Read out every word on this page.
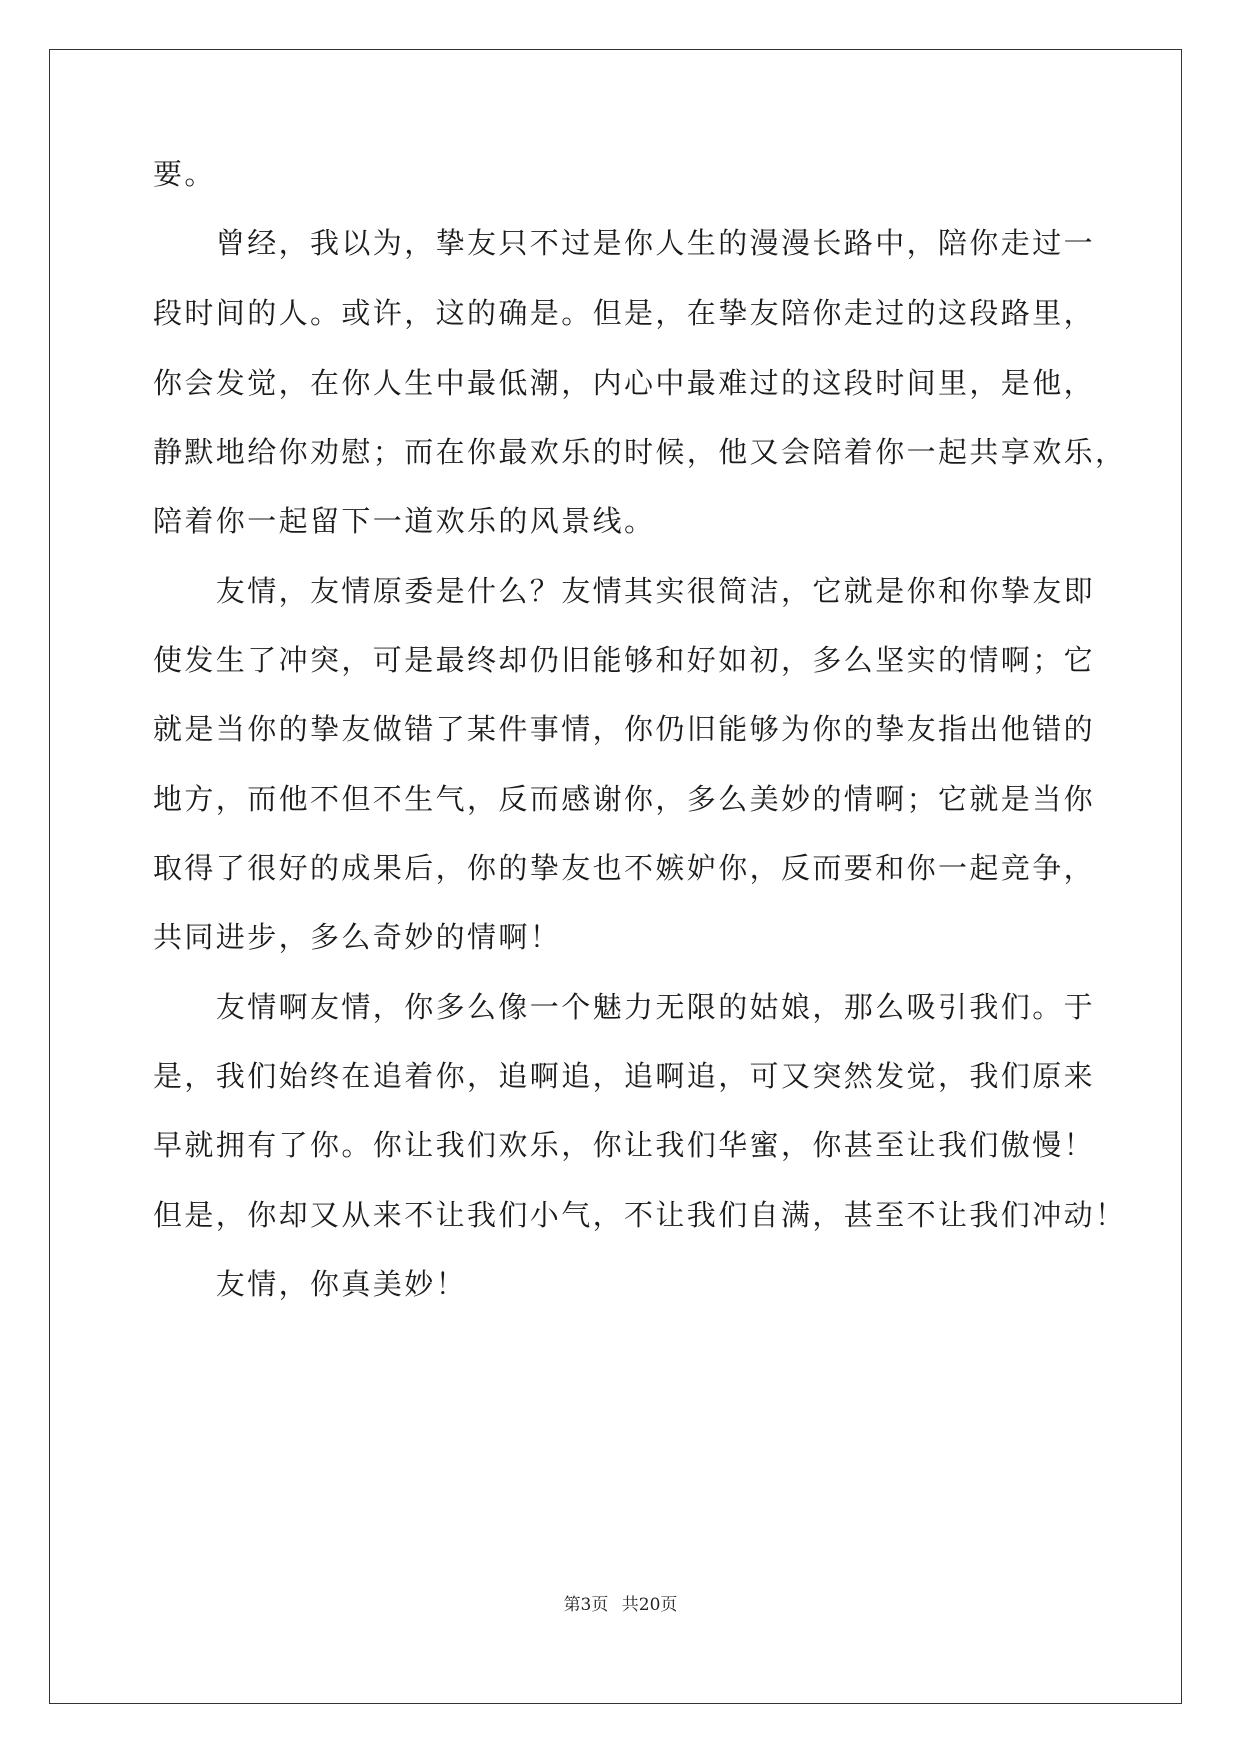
要。
　　曾经，我以为，挚友只不过是你人生的漫漫长路中，陪你走过一
段时间的人。或许，这的确是。但是，在挚友陪你走过的这段路里，
你会发觉，在你人生中最低潮，内心中最难过的这段时间里，是他，
静默地给你劝慰；而在你最欢乐的时候，他又会陪着你一起共享欢乐，
陪着你一起留下一道欢乐的风景线。
　　友情，友情原委是什么？友情其实很简洁，它就是你和你挚友即
使发生了冲突，可是最终却仍旧能够和好如初，多么坚实的情啊；它
就是当你的挚友做错了某件事情，你仍旧能够为你的挚友指出他错的
地方，而他不但不生气，反而感谢你，多么美妙的情啊；它就是当你
取得了很好的成果后，你的挚友也不嫉妒你，反而要和你一起竞争，
共同进步，多么奇妙的情啊！
　　友情啊友情，你多么像一个魅力无限的姑娘，那么吸引我们。于
是，我们始终在追着你，追啊追，追啊追，可又突然发觉，我们原来
早就拥有了你。你让我们欢乐，你让我们华蜜，你甚至让我们傲慢！
但是，你却又从来不让我们小气，不让我们自满，甚至不让我们冲动！
　　友情，你真美妙！
第3页 共20页
